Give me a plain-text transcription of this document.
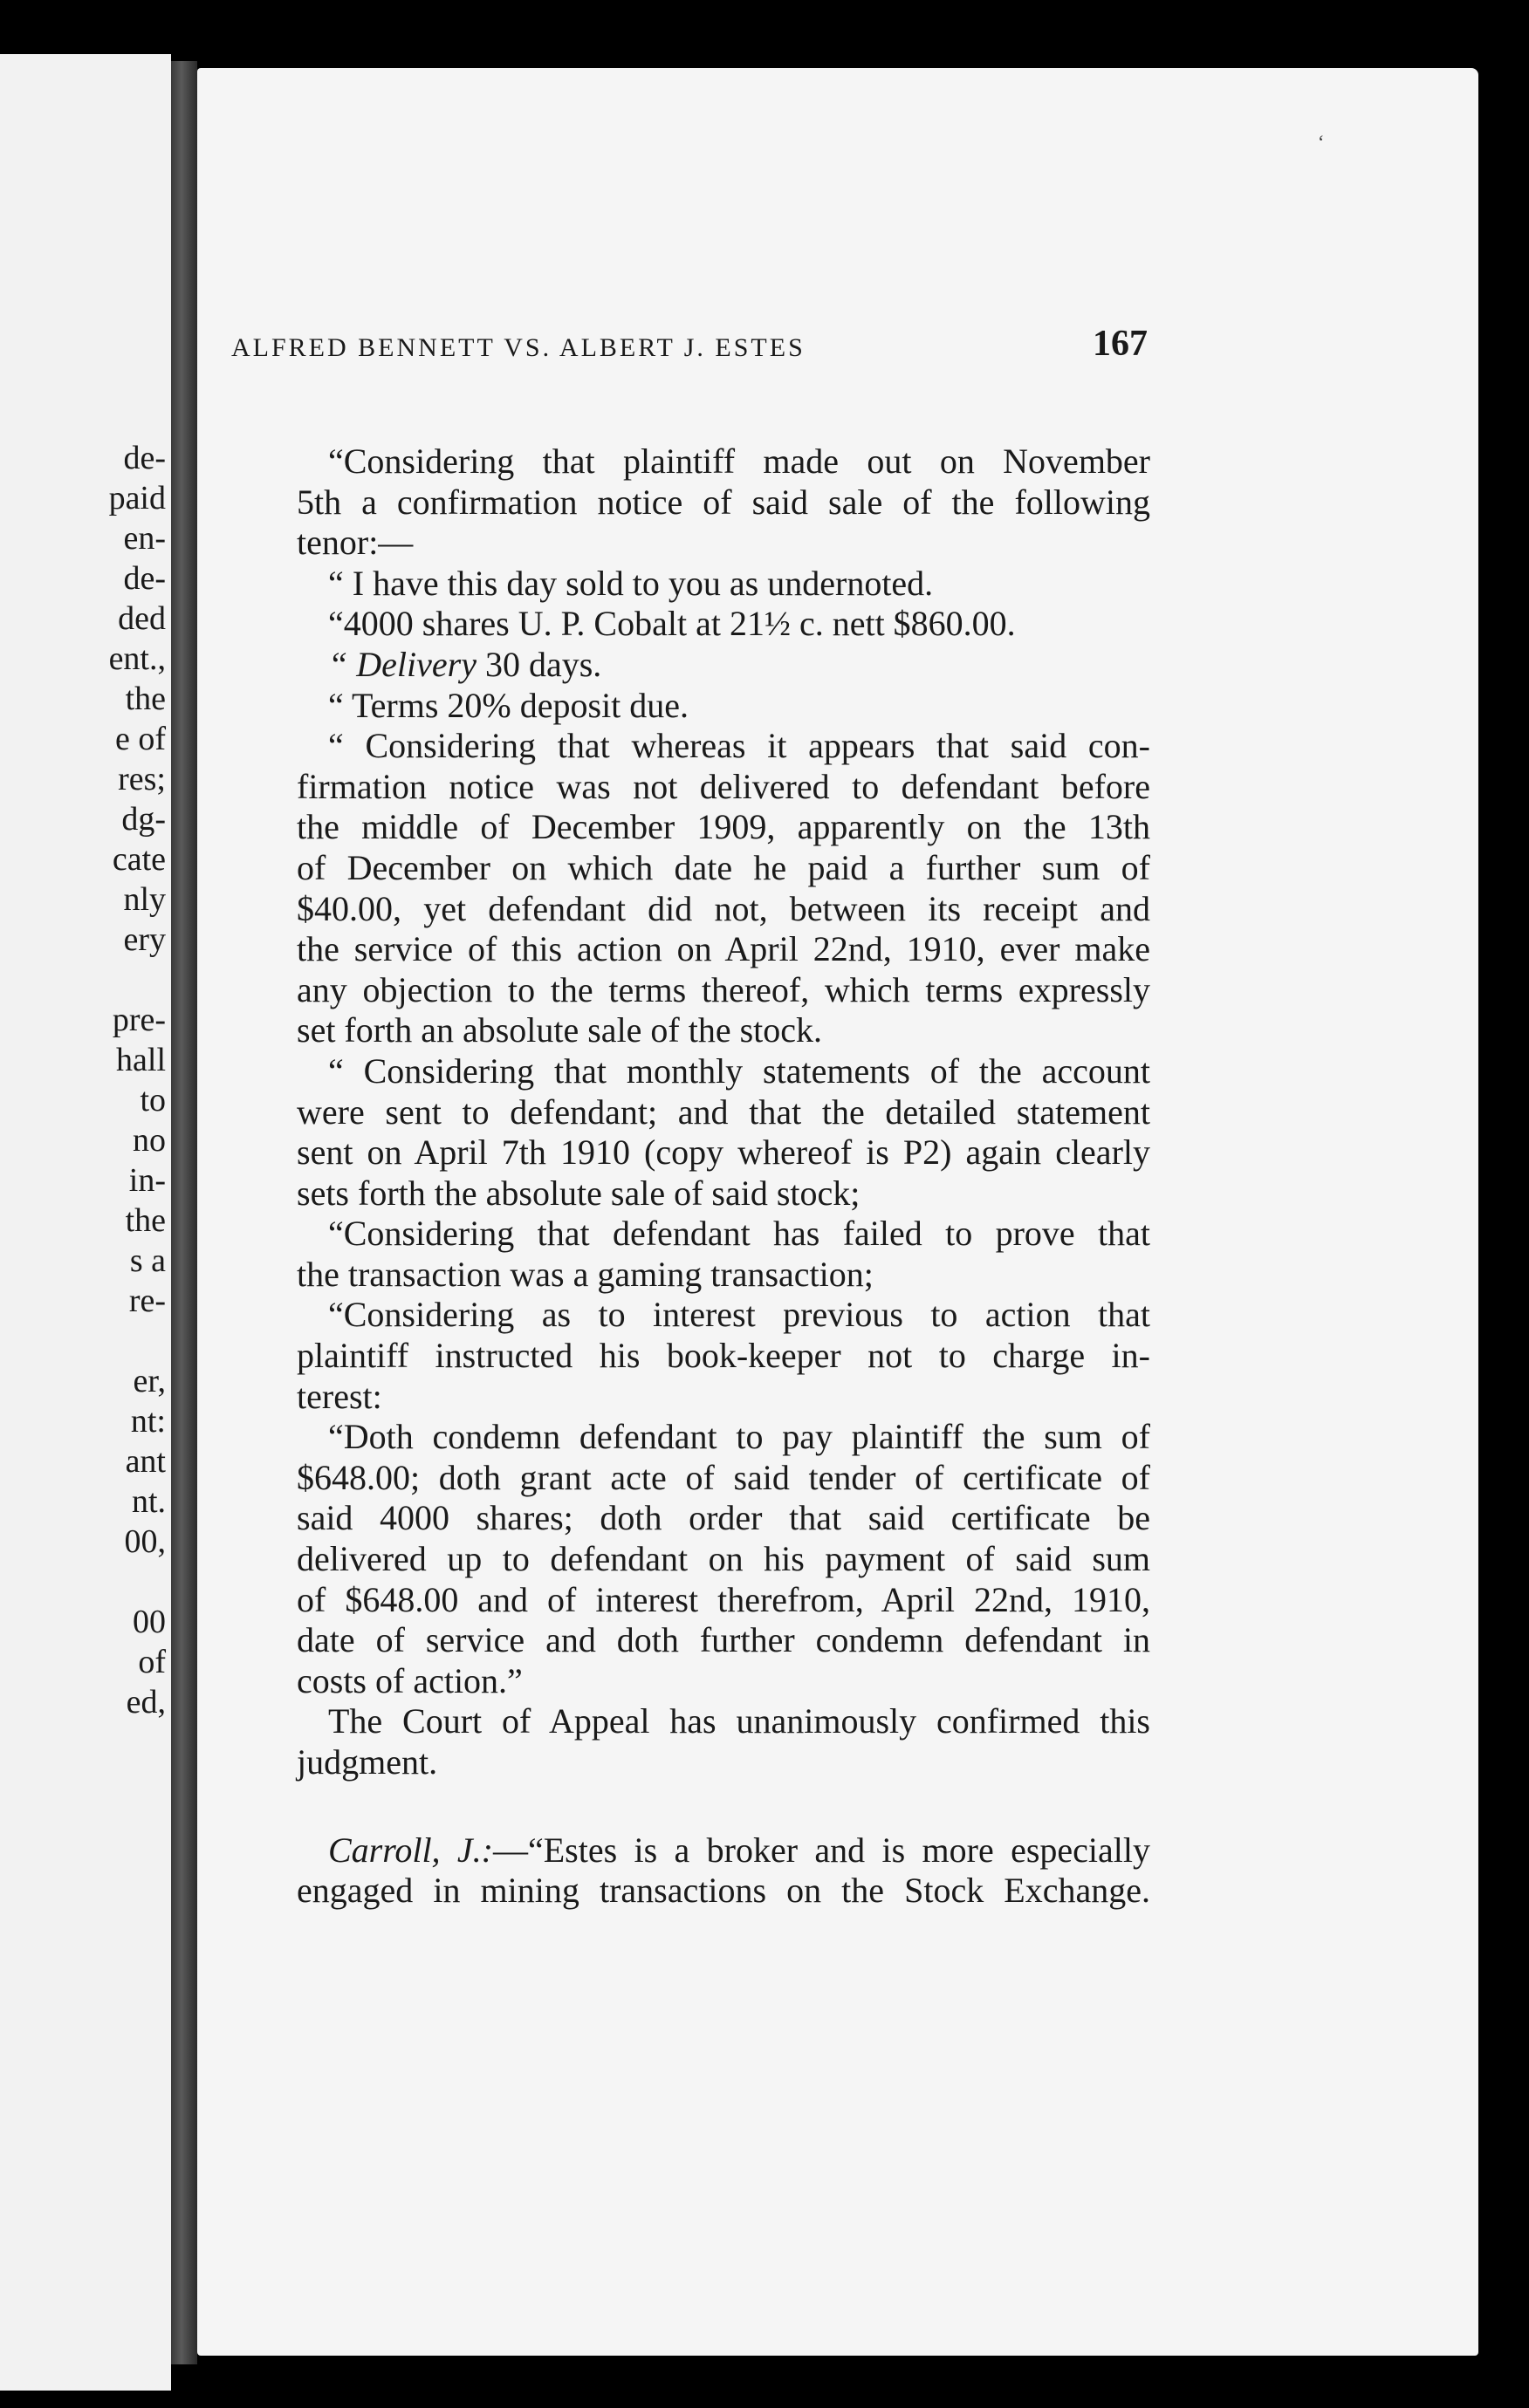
de-
paid
en-
de-
ded
ent.,
the
e of
res;
dg-
cate
nly
ery
pre-
hall
to
no
in-
the
s a
re-
er,
nt:
ant
nt.
00,
00
of
ed,
ALFRED BENNETT VS. ALBERT J. ESTES	167
“Considering that plaintiff made out on November
5th a confirmation notice of said sale of the following
tenor:—
“ I have this day sold to you as undernoted.
“4000 shares U. P. Cobalt at 21½ c. nett $860.00.
“ Delivery 30 days.
“ Terms 20% deposit due.
“ Considering that whereas it appears that said con-
firmation notice was not delivered to defendant before
the middle of December 1909, apparently on the 13th
of December on which date he paid a further sum of
$40.00, yet defendant did not, between its receipt and
the service of this action on April 22nd, 1910, ever make
any objection to the terms thereof, which terms expressly
set forth an absolute sale of the stock.
“ Considering that monthly statements of the account
were sent to defendant; and that the detailed statement
sent on April 7th 1910 (copy whereof is P2) again clearly
sets forth the absolute sale of said stock;
“Considering that defendant has failed to prove that
the transaction was a gaming transaction;
“Considering as to interest previous to action that
plaintiff instructed his book-keeper not to charge in-
terest:
“Doth condemn defendant to pay plaintiff the sum of
$648.00; doth grant acte of said tender of certificate of
said 4000 shares; doth order that said certificate be
delivered up to defendant on his payment of said sum
of $648.00 and of interest therefrom, April 22nd, 1910,
date of service and doth further condemn defendant in
costs of action.”
The Court of Appeal has unanimously confirmed this
judgment.
Carroll, J.:—“Estes is a broker and is more especially
engaged in mining transactions on the Stock Exchange.
‘
